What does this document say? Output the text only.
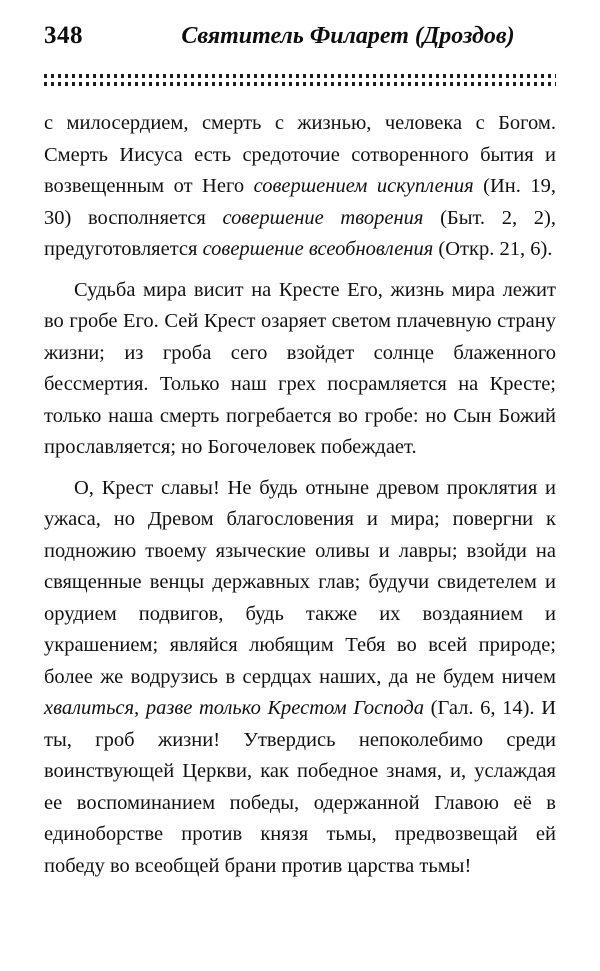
348	Святитель Филарет (Дроздов)

с милосердием, смерть с жизнью, человека с Богом. Смерть Иисуса есть средоточие сотворенного бытия и возвещенным от Него совершением искупления (Ин. 19, 30) восполняется совершение творения (Быт. 2, 2), предуготовляется совершение всеобновления (Откр. 21, 6).

Судьба мира висит на Кресте Его, жизнь мира лежит во гробе Его. Сей Крест озаряет светом плачевную страну жизни; из гроба сего взойдет солнце блаженного бессмертия. Только наш грех посрамляется на Кресте; только наша смерть погребается во гробе: но Сын Божий прославляется; но Богочеловек побеждает.

О, Крест славы! Не будь отныне древом проклятия и ужаса, но Древом благословения и мира; повергни к подножию твоему языческие оливы и лавры; взойди на священные венцы державных глав; будучи свидетелем и орудием подвигов, будь также их воздаянием и украшением; являйся любящим Тебя во всей природе; более же водрузись в сердцах наших, да не будем ничем хвалиться, разве только Крестом Господа (Гал. 6, 14). И ты, гроб жизни! Утвердись непоколебимо среди воинствующей Церкви, как победное знамя, и, услаждая ее воспоминанием победы, одержанной Главою её в единоборстве против князя тьмы, предвозвещай ей победу во всеобщей брани против царства тьмы!
